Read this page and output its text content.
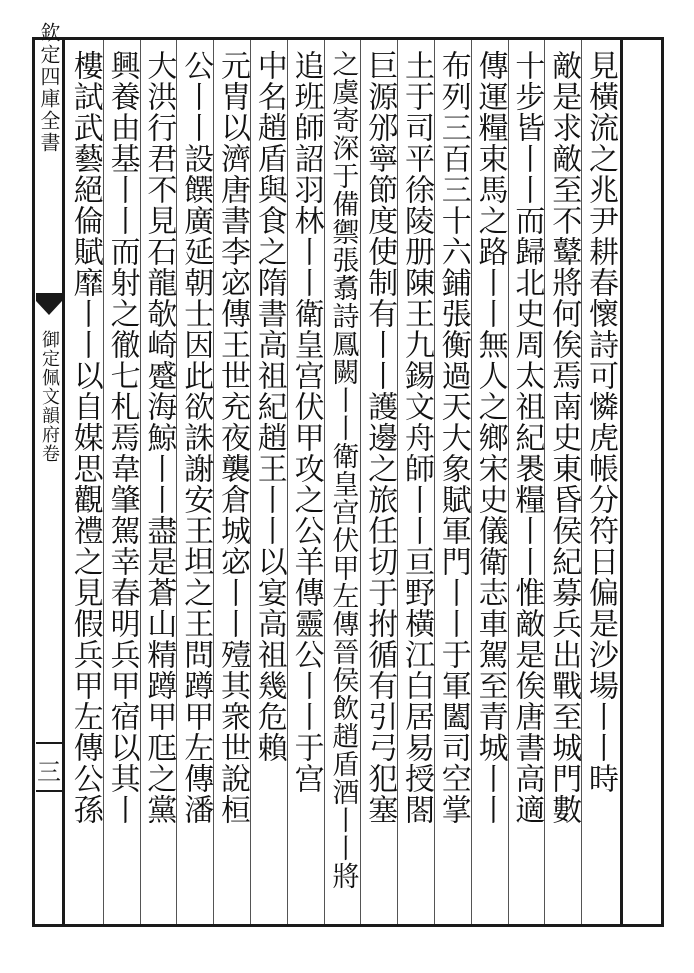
欽定四庫全書
御定佩文韻府卷
三	見橫流之兆尹耕春懷詩可憐虎帳分符日偏是沙場丨丨時
敵是求敵至不鼙將何俟焉南史東昏侯紀募兵出戰至城門數
十步皆丨丨而歸北史周太祖紀褁糧丨丨惟敵是俟唐書高適
傳運糧束馬之路丨丨無人之鄉宋史儀衛志車駕至青城丨丨
布列三百三十六鋪張衡過天大象賦軍門丨丨于軍闔司空掌
土于司平徐陵册陳王九錫文舟師丨丨亘野橫江白居易授閤
巨源邠寧節度使制有丨丨護邊之旅任切于拊循有引弓犯塞
之虞寄深于備禦張翥詩鳳闕丨丨衛皇宫伏甲左傳晉侯飲趙盾酒丨丨將
追班師詔羽林丨丨衛皇宫伏甲攻之公羊傳靈公丨丨于宫
中名趙盾與食之隋書高祖紀趙王丨丨以宴高祖幾危賴
元胄以濟唐書李宓傳王世充夜襲倉城宓丨丨殪其衆世說桓
公丨丨設饌廣延朝士因此欲誅謝安王坦之王問蹲甲左傳潘
大洪行君不見石龍欹崎蹙海鯨丨丨盡是蒼山精蹲甲尫之黨
興養由基丨丨而射之徹七札焉韋肇駕幸春明兵甲宿以其丨
樓試武藝絕倫賦靡丨丨以自媒思觀禮之見假兵甲左傳公孫
